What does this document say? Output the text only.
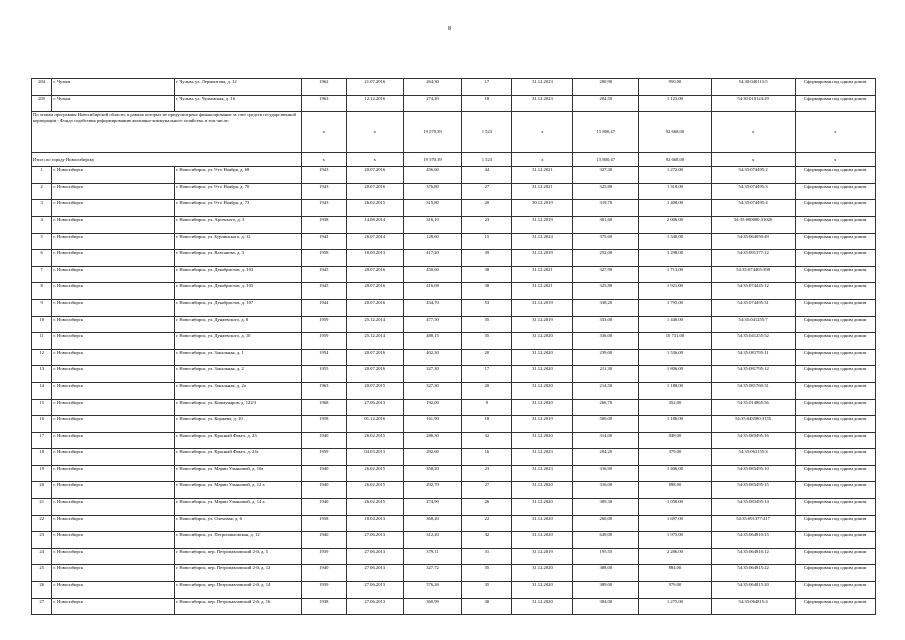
8
204	г. Чулым	г. Чулым, ул. Лермонтова, д. 12	1962	21.07.2016	264,30	17	31.12.2023	200,90	950,00	54:30:040113:5	Сформирован под одним домом
205	г. Чулым	г. Чулым, ул. Чулымская, д. 16	1963	12.12.2016	274,20	18	31.12.2023	204,50	1 123,00	54:30:010124:29	Сформирован под одним домом
По этапам программы Новосибирской области, в рамках которых не предусмотрено финансирование за счет средств государственной корпорации - Фонда содействия реформированию жилищно-коммунального хозяйства, в том числе:			x	x	19 570,39	1 523	x	15 800,47	92 668,00	x	x
Итого по городу Новосибирску			x	x	19 570,39	1 523	x	15 800,47	92 668,00	x	x
1	г. Новосибирск	г. Новосибирск, ул. 9-го Ноября, д. 68	1943	20.07.2016	456,60	44	31.12.2021	327,30	1 272,00	54:35:074495:2	Сформирован под одним домом
2	г. Новосибирск	г. Новосибирск, ул. 9-го Ноября, д. 70	1943	20.07.2016	376,80	27	31.12.2021	325,80	1 318,00	54:35:074495:3	Сформирован под одним домом
3	г. Новосибирск	г. Новосибирск, ул. 9-го Ноября, д. 73	1943	26.02.2015	315,80	20	30.12.2019	319,70	1 408,00	54:35:074495:4	Сформирован под одним домом
4	г. Новосибирск	г. Новосибирск, ул. Арсенього, д. 3	1938	14.08.2014	316,10	23	31.12.2019	301,60	2 006,00	54:35:000000:31020	Сформирован под одним домом
5	г. Новосибирск	г. Новосибирск, ул. Бурлинского, д. 12	1942	26.07.2014	128,60	15	31.12.2024	375,60	1 340,00	54:35:064050:49	Сформирован под одним домом
6	г. Новосибирск	г. Новосибирск, ул. Вахтанова, д. 3	1958	18.09.2013	417,20	39	31.12.2019	252,00	3 298,00	54:35:091377:12	Сформирован под одним домом
7	г. Новосибирск	г. Новосибирск, ул. Декабристов, д. 103	1945	20.07.2016	450,60	38	31.12.2021	327,90	1 713,00	54:35:074405:398	Сформирован под одним домом
8	г. Новосибирск	г. Новосибирск, ул. Декабристов, д. 105	1945	20.07.2016	416,08	38	31.12.2021	325,80	1 921,00	54:35:074445:12	Сформирован под одним домом
9	г. Новосибирск	г. Новосибирск, ул. Декабристов, д. 107	1944	20.07.2016	434,70	53	31.12.2019	338,20	1 795,00	54:35:074495:31	Сформирован под одним домом
10	г. Новосибирск	г. Новосибирск, ул. Дунаевского, д. 8	1959	25.12.2014	477,50	35	31.12.2019	333,00	1 440,00	54:35:041255:7	Сформирован под одним домом
11	г. Новосибирск	г. Новосибирск, ул. Дунаевского, д. 10	1959	25.12.2014	488,15	35	31.12.2020	336,00	10 731,00	54:35:041255:52	Сформирован под одним домом
12	г. Новосибирск	г. Новосибирск, ул. Зональная, д. 1	1954	20.07.2016	402,30	20	31.12.2020	239,00	1 536,00	54:35:081795:11	Сформирован под одним домом
13	г. Новосибирск	г. Новосибирск, ул. Зональная, д. 2	1955	20.07.2016	327,30	17	31.12.2020	211,30	1 806,00	54:35:081795:12	Сформирован под одним домом
14	г. Новосибирск	г. Новосибирск, ул. Зональная, д. 2а	1963	20.07.2015	327,30	20	31.12.2020	214,50	1 188,00	54:35:081760:31	Сформирован под одним домом
15	г. Новосибирск	г. Новосибирск, ул. Коммунаров, д. 122/3	1968	27.06.2013	192,00	9	31.12.2020	266,70	352,00	54:35:014865:56	Сформирован под одним домом
16	г. Новосибирск	г. Новосибирск, ул. Коржева, д. 10	1958	01.12.2016	161,90	18	31.12.2019	500,00	1 186,00	54:35:043580:3155	Сформирован под одним домом
17	г. Новосибирск	г. Новосибирск, ул. Красный Факел, д. 23	1940	26.02.2015	286,30	32	31.12.2020	314,00	848,00	54:35:083495:16	Сформирован под одним домом
18	г. Новосибирск	г. Новосибирск, ул. Красный Факел, д. 24г	1959	04.03.2013	292,60	16	31.12.2023	204,20	379,00	54:35:063155:3	Сформирован под одним домом
19	г. Новосибирск	г. Новосибирск, ул. Марии Ульяновой, д. 10а	1940	26.02.2015	358,20	23	31.12.2023	316,90	1 406,00	54:35:083495:10	Сформирован под одним домом
20	г. Новосибирск	г. Новосибирск, ул. Марии Ульяновой, д. 12 а	1940	26.02.2015	292,70	27	31.12.2020	316,00	898,00	54:35:083495:15	Сформирован под одним домом
21	г. Новосибирск	г. Новосибирск, ул. Марии Ульяновой, д. 14 а	1940	26.02.2015	274,90	26	31.12.2020	309,30	1 058,00	54:35:083495:14	Сформирован под одним домом
22	г. Новосибирск	г. Новосибирск, ул. Олеховая, д. 6	1958	18.04.2013	368,20	22	31.12.2020	260,00	1 697,00	54:35:091377:417	Сформирован под одним домом
23	г. Новосибирск	г. Новосибирск, ул. Петропавловская, д. 12	1940	27.06.2013	312,20	42	31.12.2020	649,00	1 975,00	54:35:064810:15	Сформирован под одним домом
24	г. Новосибирск	г. Новосибирск, пер. Петропавловский 2-й, д. 5	1939	27.06.2013	379,11	31	31.12.2019	195,55	2 286,00	54:35:064810:12	Сформирован под одним домом
25	г. Новосибирск	г. Новосибирск, пер. Петропавловский 2-й, д. 12	1940	27.06.2013	327,72	35	31.12.2020	388,00	884,00	54:35:064815:22	Сформирован под одним домом
26	г. Новосибирск	г. Новосибирск, пер. Петропавловский 2-й, д. 14	1939	27.06.2013	576,26	35	31.12.2020	389,00	979,00	54:35:064815:20	Сформирован под одним домом
27	г. Новосибирск	г. Новосибирск, пер. Петропавловский 2-й, д. 16	1938	27.06.2013	360,99	30	31.12.2020	384,00	1 275,00	54:35:064815:4	Сформирован под одним домом
